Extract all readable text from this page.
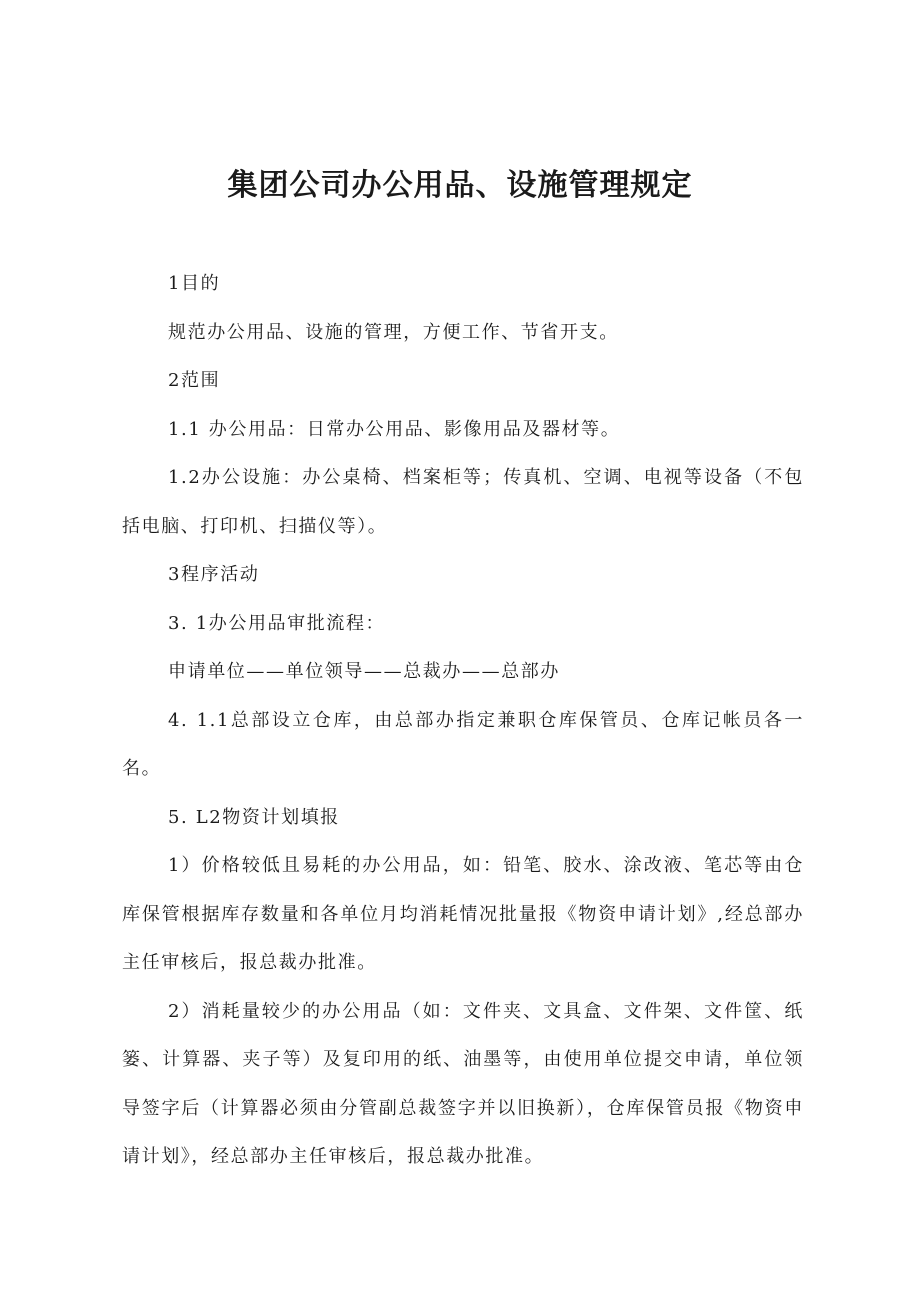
集团公司办公用品、设施管理规定

1目的

规范办公用品、设施的管理，方便工作、节省开支。

2范围

1.1 办公用品：日常办公用品、影像用品及器材等。

1.2办公设施：办公桌椅、档案柜等；传真机、空调、电视等设备（不包括电脑、打印机、扫描仪等）。

3程序活动

3. 1办公用品审批流程：

申请单位——单位领导——总裁办——总部办

4. 1.1总部设立仓库，由总部办指定兼职仓库保管员、仓库记帐员各一名。

5. L2物资计划填报

1）价格较低且易耗的办公用品，如：铅笔、胶水、涂改液、笔芯等由仓库保管根据库存数量和各单位月均消耗情况批量报《物资申请计划》,经总部办主任审核后，报总裁办批准。

2）消耗量较少的办公用品（如：文件夹、文具盒、文件架、文件筐、纸篓、计算器、夹子等）及复印用的纸、油墨等，由使用单位提交申请，单位领导签字后（计算器必须由分管副总裁签字并以旧换新），仓库保管员报《物资申请计划》，经总部办主任审核后，报总裁办批准。
